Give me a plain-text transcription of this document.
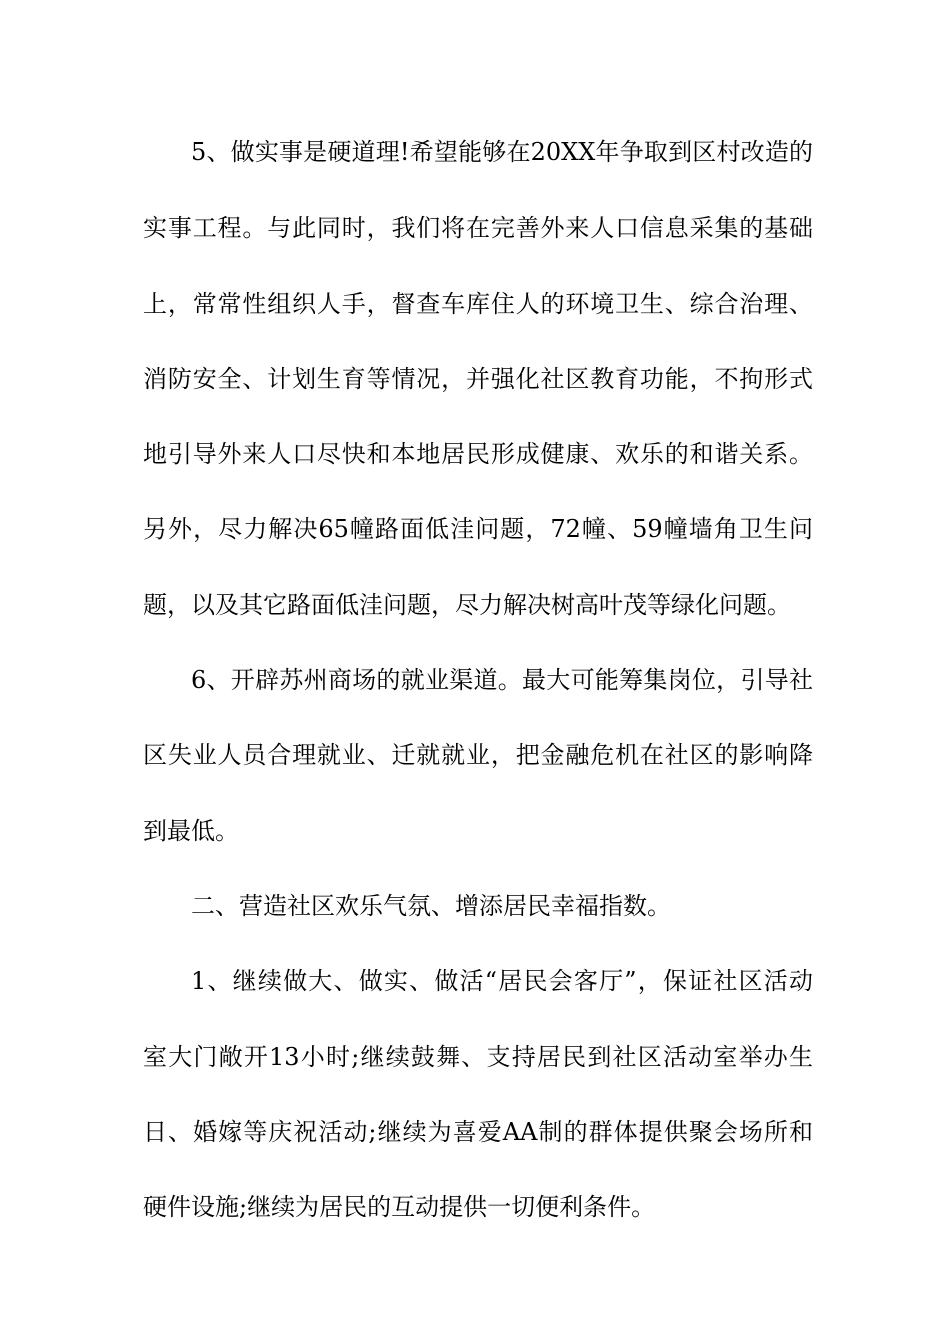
5、做实事是硬道理!希望能够在20XX年争取到区村改造的
实事工程。与此同时，我们将在完善外来人口信息采集的基础
上，常常性组织人手，督查车库住人的环境卫生、综合治理、
消防安全、计划生育等情况，并强化社区教育功能，不拘形式
地引导外来人口尽快和本地居民形成健康、欢乐的和谐关系。
另外，尽力解决65幢路面低洼问题，72幢、59幢墙角卫生问
题，以及其它路面低洼问题，尽力解决树高叶茂等绿化问题。
6、开辟苏州商场的就业渠道。最大可能筹集岗位，引导社
区失业人员合理就业、迁就就业，把金融危机在社区的影响降
到最低。
二、营造社区欢乐气氛、增添居民幸福指数。
1、继续做大、做实、做活“居民会客厅”，保证社区活动
室大门敞开13小时;继续鼓舞、支持居民到社区活动室举办生
日、婚嫁等庆祝活动;继续为喜爱AA制的群体提供聚会场所和
硬件设施;继续为居民的互动提供一切便利条件。
